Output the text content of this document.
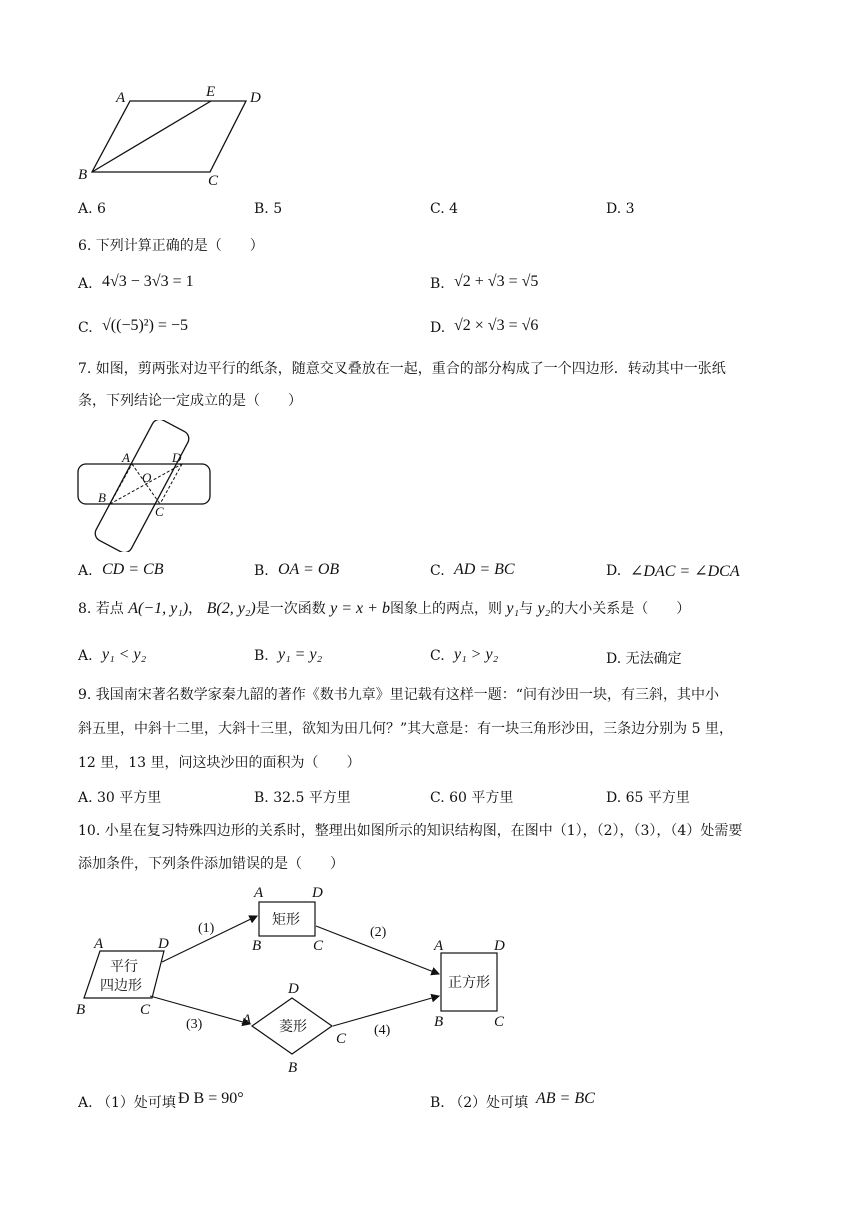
A	E D
B	C
A. 6	B. 5	C. 4	D. 3
6. 下列计算正确的是（　　）
A. 4√3 − 3√3 = 1	B. √2 + √3 = √5
C. √((−5)²) = −5	D. √2 × √3 = √6
7. 如图，剪两张对边平行的纸条，随意交叉叠放在一起，重合的部分构成了一个四边形．转动其中一张纸
条，下列结论一定成立的是（　　）
A	D
O
B
C
A. CD = CB	B. OA = OB	C. AD = BC	D. ∠DAC = ∠DCA
8. 若点 A(−1, y₁)， B(2, y₂)是一次函数 y = x + b图象上的两点，则 y₁与 y₂的大小关系是（　　）
A. y₁ < y₂	B. y₁ = y₂	C. y₁ > y₂	D. 无法确定
9. 我国南宋著名数学家秦九韶的著作《数书九章》里记载有这样一题：“问有沙田一块，有三斜，其中小
斜五里，中斜十二里，大斜十三里，欲知为田几何？”其大意是：有一块三角形沙田，三条边分别为 5 里，
12 里，13 里，问这块沙田的面积为（　　）
A. 30 平方里	B. 32.5 平方里	C. 60 平方里	D. 65 平方里
10. 小星在复习特殊四边形的关系时，整理出如图所示的知识结构图，在图中（1），（2），（3），（4）处需要
添加条件，下列条件添加错误的是（　　）
平行
四边形
A	D
B	C
矩形
A	D
B	C
菱形
D
A
C
B
正方形
A	D
B	C
(1)	(2)
(3)	(4)
A. （1）处可填 Ð B = 90°	B. （2）处可填 AB = BC
